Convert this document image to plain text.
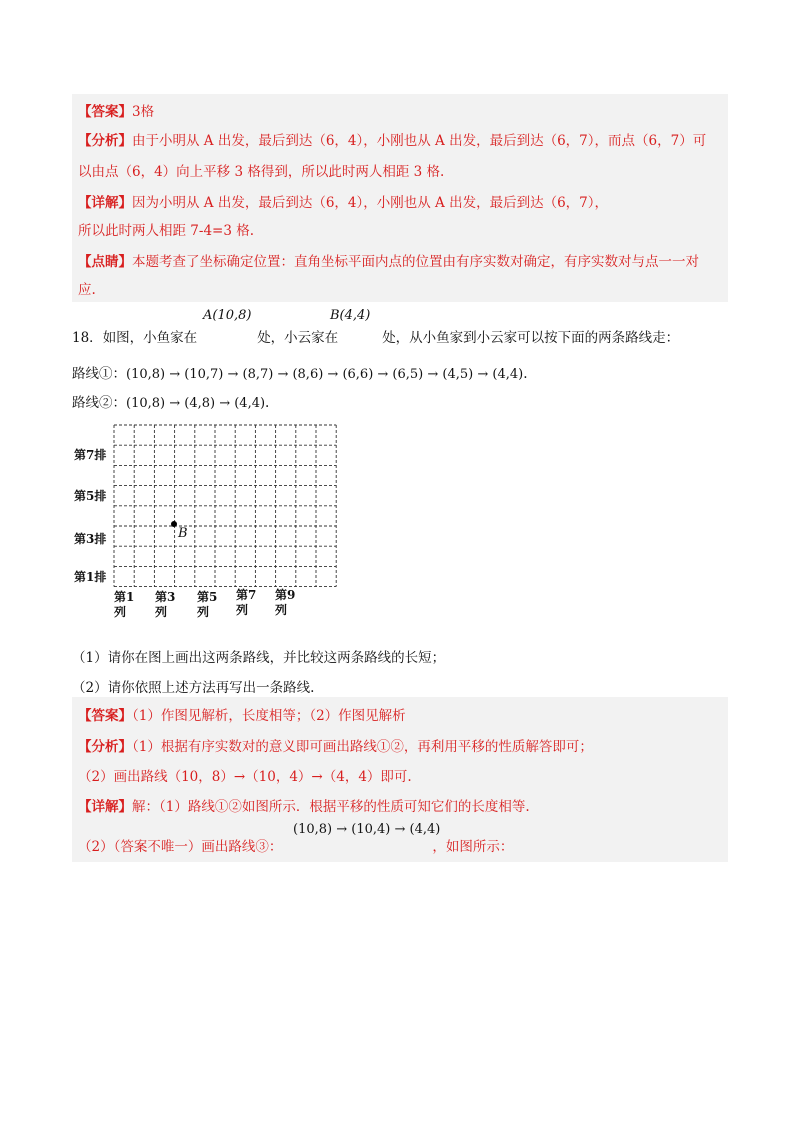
【答案】3格
【分析】由于小明从 A 出发，最后到达（6，4），小刚也从 A 出发，最后到达（6，7），而点（6，7）可
以由点（6，4）向上平移 3 格得到，所以此时两人相距 3 格.
【详解】因为小明从 A 出发，最后到达（6，4），小刚也从 A 出发，最后到达（6，7），
所以此时两人相距 7-4=3 格.
【点睛】本题考查了坐标确定位置：直角坐标平面内点的位置由有序实数对确定，有序实数对与点一一对
应.
18．如图，小鱼家在	处，小云家在	处，从小鱼家到小云家可以按下面的两条路线走：
A(10,8)	B(4,4)
路线①：(10,8) → (10,7) → (8,7) → (8,6) → (6,6) → (6,5) → (4,5) → (4,4).
路线②：(10,8) → (4,8) → (4,4).
B
第7排
第5排
第3排
第1排
第1
列
第3
列
第5
列
第7
列
第9
列
（1）请你在图上画出这两条路线，并比较这两条路线的长短；
（2）请你依照上述方法再写出一条路线.
【答案】（1）作图见解析，长度相等；（2）作图见解析
【分析】（1）根据有序实数对的意义即可画出路线①②，再利用平移的性质解答即可；
（2）画出路线（10，8）→（10，4）→（4，4）即可.
【详解】解：（1）路线①②如图所示．根据平移的性质可知它们的长度相等.
（2）（答案不唯一）画出路线③：	，如图所示：
(10,8) → (10,4) → (4,4)
